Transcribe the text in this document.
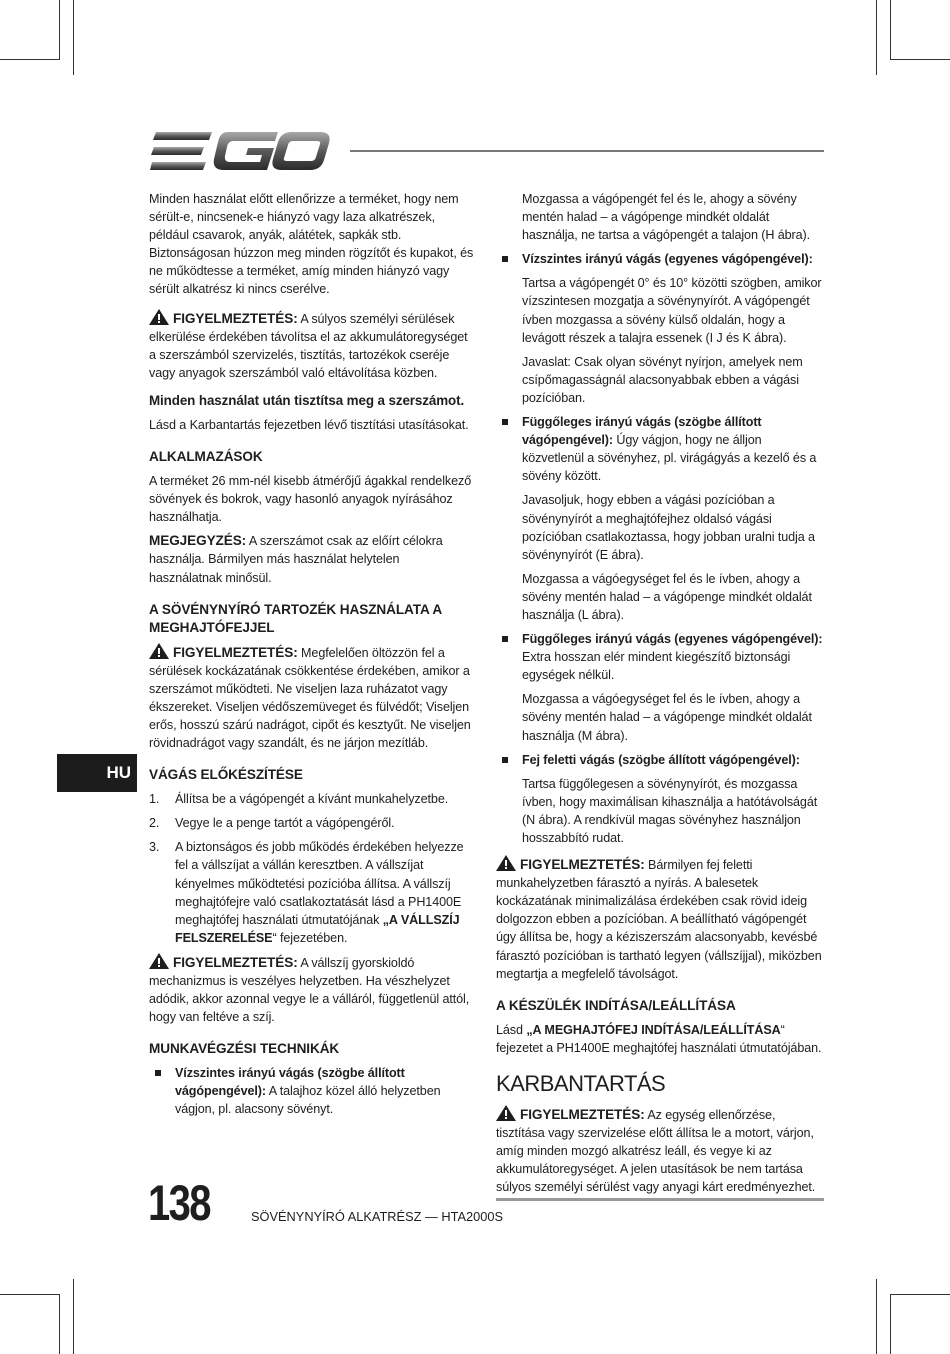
Minden használat előtt ellenőrizze a terméket, hogy nem sérült-e, nincsenek-e hiányzó vagy laza alkatrészek, például csavarok, anyák, alátétek, sapkák stb. Biztonságosan húzzon meg minden rögzítőt és kupakot, és ne működtesse a terméket, amíg minden hiányzó vagy sérült alkatrész ki nincs cserélve.

FIGYELMEZTETÉS: A súlyos személyi sérülések elkerülése érdekében távolítsa el az akkumulátoregységet a szerszámból szervizelés, tisztítás, tartozékok cseréje vagy anyagok szerszámból való eltávolítása közben.

Minden használat után tisztítsa meg a szerszámot.

Lásd a Karbantartás fejezetben lévő tisztítási utasításokat.

ALKALMAZÁSOK

A terméket 26 mm-nél kisebb átmérőjű ágakkal rendelkező sövények és bokrok, vagy hasonló anyagok nyírásához használhatja.

MEGJEGYZÉS: A szerszámot csak az előírt célokra használja. Bármilyen más használat helytelen használatnak minősül.

A SÖVÉNYNYÍRÓ TARTOZÉK HASZNÁLATA A MEGHAJTÓFEJJEL

FIGYELMEZTETÉS: Megfelelően öltözzön fel a sérülések kockázatának csökkentése érdekében, amikor a szerszámot működteti. Ne viseljen laza ruházatot vagy ékszereket. Viseljen védőszemüveget és fülvédőt; Viseljen erős, hosszú szárú nadrágot, cipőt és kesztyűt. Ne viseljen rövidnadrágot vagy szandált, és ne járjon mezítláb.

VÁGÁS ELŐKÉSZÍTÉSE
1. Állítsa be a vágópengét a kívánt munkahelyzetbe.
2. Vegye le a penge tartót a vágópengéről.
3. A biztonságos és jobb működés érdekében helyezze fel a vállszíjat a vállán keresztben. A vállszíjat kényelmes működtetési pozícióba állítsa. A vállszíj meghajtófejre való csatlakoztatását lásd a PH1400E meghajtófej használati útmutatójának „A VÁLLSZÍJ FELSZERELÉSE“ fejezetében.

FIGYELMEZTETÉS: A vállszíj gyorskioldó mechanizmus is veszélyes helyzetben. Ha vészhelyzet adódik, akkor azonnal vegye le a válláról, függetlenül attól, hogy van feltéve a szíj.

MUNKAVÉGZÉSI TECHNIKÁK
Vízszintes irányú vágás (szögbe állított vágópengével): A talajhoz közel álló helyzetben vágjon, pl. alacsony sövényt.

Mozgassa a vágópengét fel és le, ahogy a sövény mentén halad – a vágópenge mindkét oldalát használja, ne tartsa a vágópengét a talajon (H ábra).

Vízszintes irányú vágás (egyenes vágópengével):

Tartsa a vágópengét 0° és 10° közötti szögben, amikor vízszintesen mozgatja a sövénynyírót. A vágópengét ívben mozgassa a sövény külső oldalán, hogy a levágott részek a talajra essenek (I J és K ábra).

Javaslat: Csak olyan sövényt nyírjon, amelyek nem csípőmagasságnál alacsonyabbak ebben a vágási pozícióban.

Függőleges irányú vágás (szögbe állított vágópengével): Úgy vágjon, hogy ne álljon közvetlenül a sövényhez, pl. virágágyás a kezelő és a sövény között.

Javasoljuk, hogy ebben a vágási pozícióban a sövénynyírót a meghajtófejhez oldalsó vágási pozícióban csatlakoztassa, hogy jobban uralni tudja a sövénynyírót (E ábra).

Mozgassa a vágóegységet fel és le ívben, ahogy a sövény mentén halad – a vágópenge mindkét oldalát használja (L ábra).

Függőleges irányú vágás (egyenes vágópengével): Extra hosszan elér mindent kiegészítő biztonsági egységek nélkül.

Mozgassa a vágóegységet fel és le ívben, ahogy a sövény mentén halad – a vágópenge mindkét oldalát használja (M ábra).

Fej feletti vágás (szögbe állított vágópengével):

Tartsa függőlegesen a sövénynyírót, és mozgassa ívben, hogy maximálisan kihasználja a hatótávolságát (N ábra). A rendkívül magas sövényhez használjon hosszabbító rudat.

FIGYELMEZTETÉS: Bármilyen fej feletti munkahelyzetben fárasztó a nyírás. A balesetek kockázatának minimalizálása érdekében csak rövid ideig dolgozzon ebben a pozícióban. A beállítható vágópengét úgy állítsa be, hogy a kéziszerszám alacsonyabb, kevésbé fárasztó pozícióban is tartható legyen (vállszíjjal), miközben megtartja a megfelelő távolságot.

A KÉSZÜLÉK INDÍTÁSA/LEÁLLÍTÁSA

Lásd „A MEGHAJTÓFEJ INDÍTÁSA/LEÁLLÍTÁSA“ fejezetet a PH1400E meghajtófej használati útmutatójában.

KARBANTARTÁS

FIGYELMEZTETÉS: Az egység ellenőrzése, tisztítása vagy szervizelése előtt állítsa le a motort, várjon, amíg minden mozgó alkatrész leáll, és vegye ki az akkumulátoregységet. A jelen utasítások be nem tartása súlyos személyi sérülést vagy anyagi kárt eredményezhet.

HU
138	SÖVÉNYNYÍRÓ ALKATRÉSZ — HTA2000S
